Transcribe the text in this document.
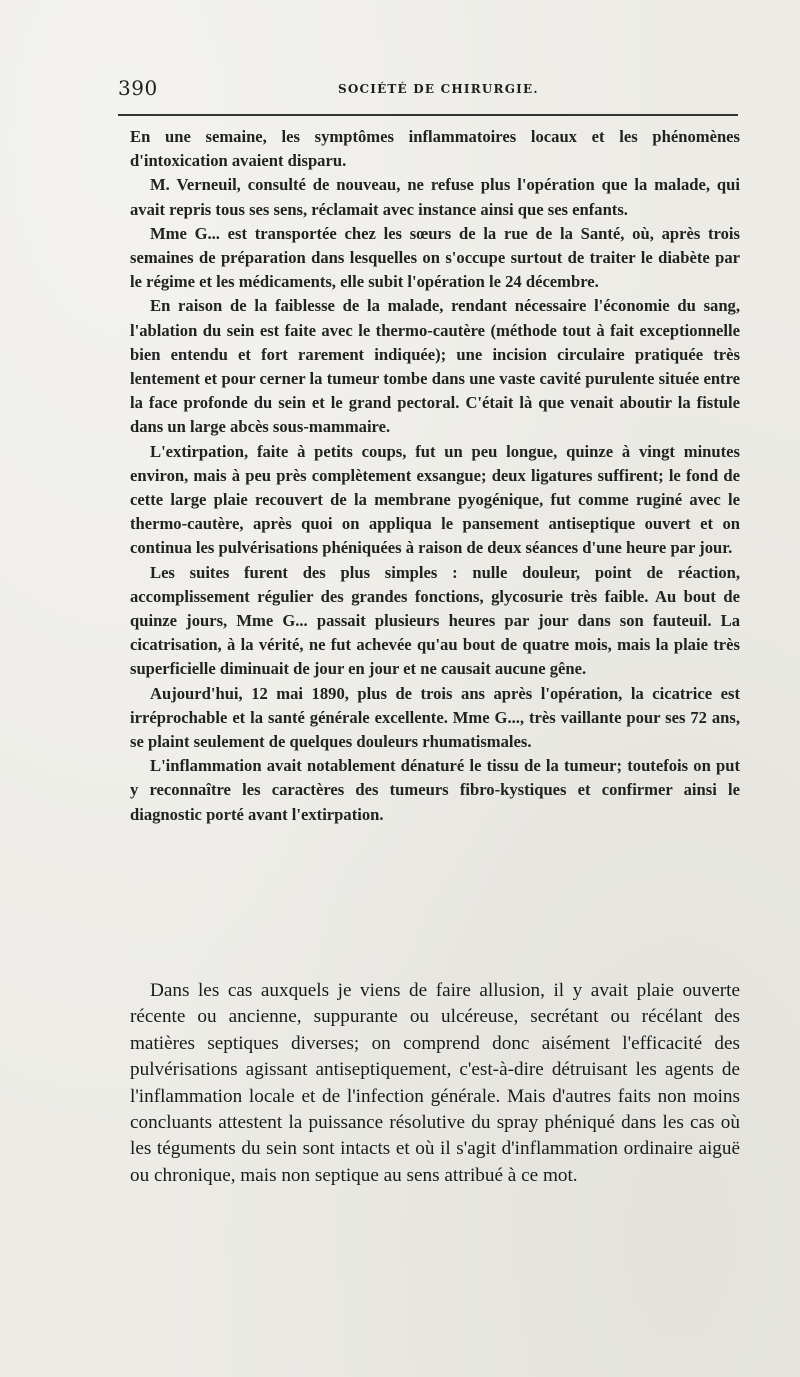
390	SOCIÉTÉ DE CHIRURGIE.

En une semaine, les symptômes inflammatoires locaux et les phénomènes d'intoxication avaient disparu.

M. Verneuil, consulté de nouveau, ne refuse plus l'opération que la malade, qui avait repris tous ses sens, réclamait avec instance ainsi que ses enfants.

Mme G... est transportée chez les sœurs de la rue de la Santé, où, après trois semaines de préparation dans lesquelles on s'occupe surtout de traiter le diabète par le régime et les médicaments, elle subit l'opération le 24 décembre.

En raison de la faiblesse de la malade, rendant nécessaire l'économie du sang, l'ablation du sein est faite avec le thermo-cautère (méthode tout à fait exceptionnelle bien entendu et fort rarement indiquée); une incision circulaire pratiquée très lentement et pour cerner la tumeur tombe dans une vaste cavité purulente située entre la face profonde du sein et le grand pectoral. C'était là que venait aboutir la fistule dans un large abcès sous-mammaire.

L'extirpation, faite à petits coups, fut un peu longue, quinze à vingt minutes environ, mais à peu près complètement exsangue; deux ligatures suffirent; le fond de cette large plaie recouvert de la membrane pyogénique, fut comme ruginé avec le thermo-cautère, après quoi on appliqua le pansement antiseptique ouvert et on continua les pulvérisations phéniquées à raison de deux séances d'une heure par jour.

Les suites furent des plus simples : nulle douleur, point de réaction, accomplissement régulier des grandes fonctions, glycosurie très faible. Au bout de quinze jours, Mme G... passait plusieurs heures par jour dans son fauteuil. La cicatrisation, à la vérité, ne fut achevée qu'au bout de quatre mois, mais la plaie très superficielle diminuait de jour en jour et ne causait aucune gêne.

Aujourd'hui, 12 mai 1890, plus de trois ans après l'opération, la cicatrice est irréprochable et la santé générale excellente. Mme G..., très vaillante pour ses 72 ans, se plaint seulement de quelques douleurs rhumatismales.

L'inflammation avait notablement dénaturé le tissu de la tumeur; toutefois on put y reconnaître les caractères des tumeurs fibro-kystiques et confirmer ainsi le diagnostic porté avant l'extirpation.

Dans les cas auxquels je viens de faire allusion, il y avait plaie ouverte récente ou ancienne, suppurante ou ulcéreuse, secrétant ou récélant des matières septiques diverses; on comprend donc aisément l'efficacité des pulvérisations agissant antiseptiquement, c'est-à-dire détruisant les agents de l'inflammation locale et de l'infection générale. Mais d'autres faits non moins concluants attestent la puissance résolutive du spray phéniqué dans les cas où les téguments du sein sont intacts et où il s'agit d'inflammation ordinaire aiguë ou chronique, mais non septique au sens attribué à ce mot.
